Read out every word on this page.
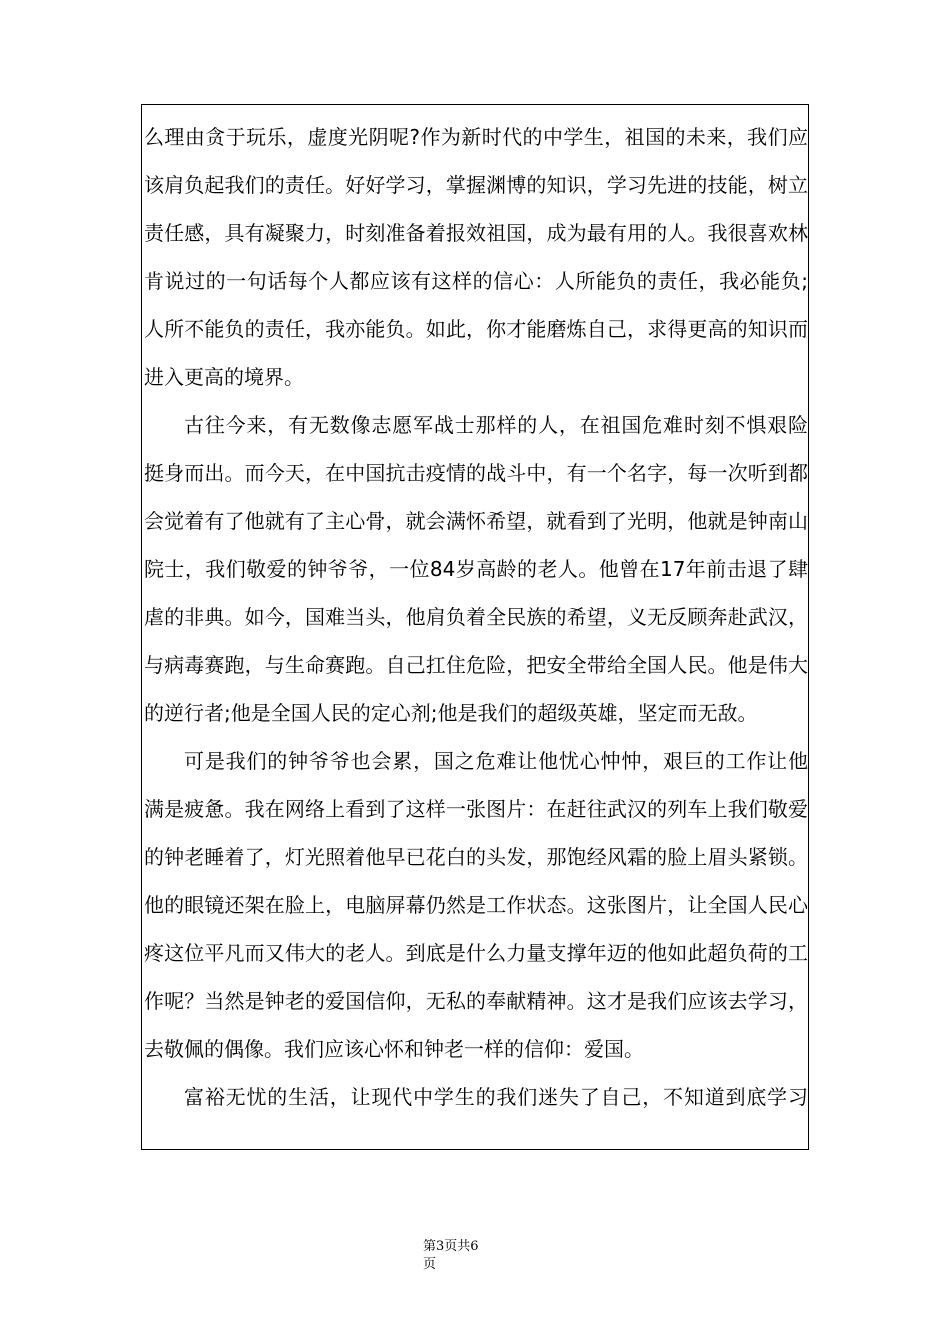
么理由贪于玩乐，虚度光阴呢?作为新时代的中学生，祖国的未来，我们应
该肩负起我们的责任。好好学习，掌握渊博的知识，学习先进的技能，树立
责任感，具有凝聚力，时刻准备着报效祖国，成为最有用的人。我很喜欢林
肯说过的一句话每个人都应该有这样的信心：人所能负的责任，我必能负;
人所不能负的责任，我亦能负。如此，你才能磨炼自己，求得更高的知识而
进入更高的境界。
古往今来，有无数像志愿军战士那样的人，在祖国危难时刻不惧艰险
挺身而出。而今天，在中国抗击疫情的战斗中，有一个名字，每一次听到都
会觉着有了他就有了主心骨，就会满怀希望，就看到了光明，他就是钟南山
院士，我们敬爱的钟爷爷，一位84岁高龄的老人。他曾在17年前击退了肆
虐的非典。如今，国难当头，他肩负着全民族的希望，义无反顾奔赴武汉，
与病毒赛跑，与生命赛跑。自己扛住危险，把安全带给全国人民。他是伟大
的逆行者;他是全国人民的定心剂;他是我们的超级英雄，坚定而无敌。
可是我们的钟爷爷也会累，国之危难让他忧心忡忡，艰巨的工作让他
满是疲惫。我在网络上看到了这样一张图片：在赶往武汉的列车上我们敬爱
的钟老睡着了，灯光照着他早已花白的头发，那饱经风霜的脸上眉头紧锁。
他的眼镜还架在脸上，电脑屏幕仍然是工作状态。这张图片，让全国人民心
疼这位平凡而又伟大的老人。到底是什么力量支撑年迈的他如此超负荷的工
作呢？当然是钟老的爱国信仰，无私的奉献精神。这才是我们应该去学习，
去敬佩的偶像。我们应该心怀和钟老一样的信仰：爱国。
富裕无忧的生活，让现代中学生的我们迷失了自己，不知道到底学习
第3页共6
页
